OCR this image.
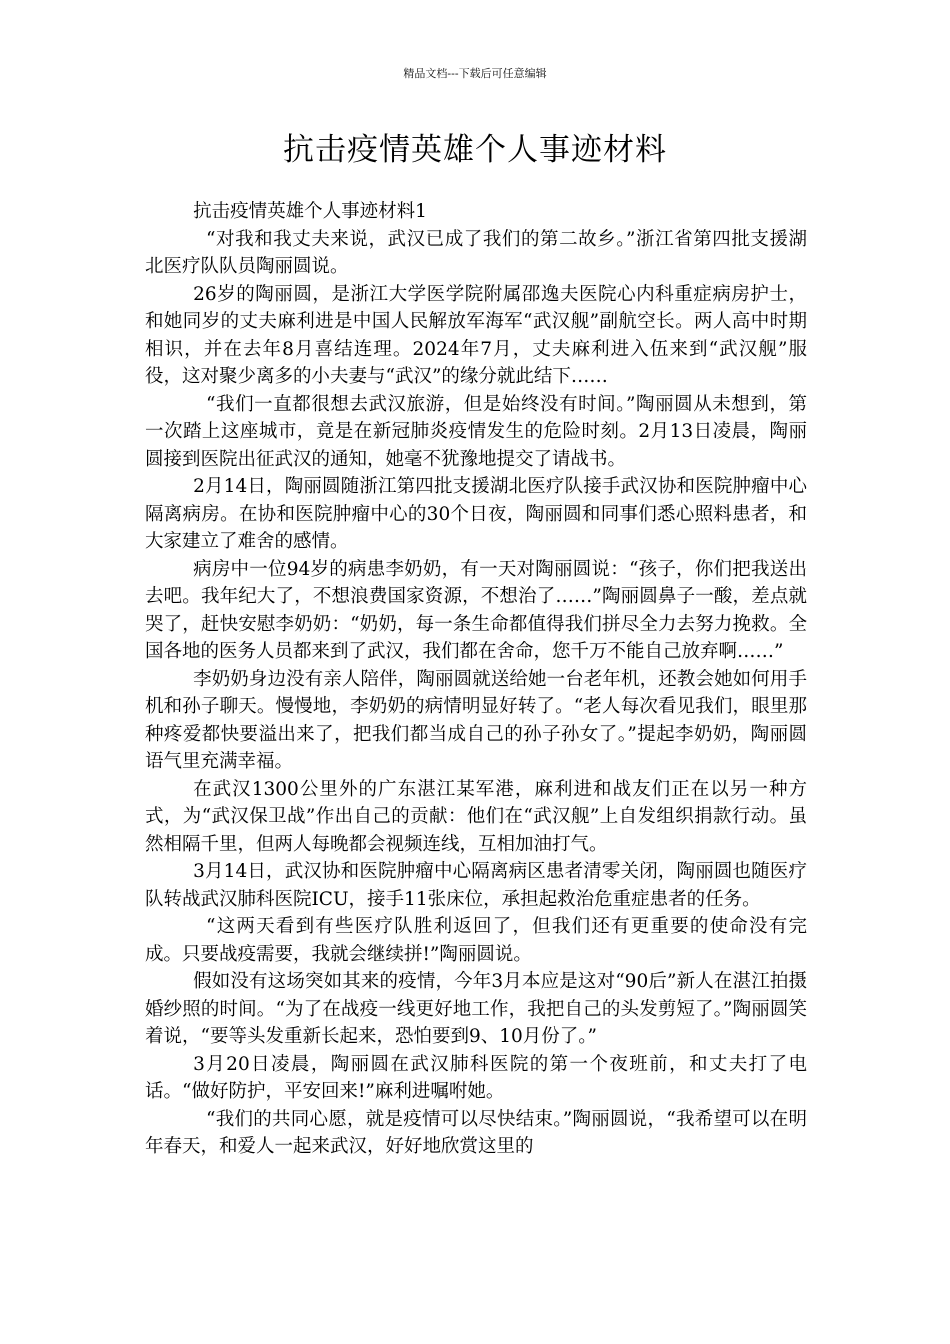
精品文档---下载后可任意编辑
抗击疫情英雄个人事迹材料

抗击疫情英雄个人事迹材料1

“对我和我丈夫来说，武汉已成了我们的第二故乡。”浙江省第四批支援湖北医疗队队员陶丽圆说。

26岁的陶丽圆，是浙江大学医学院附属邵逸夫医院心内科重症病房护士，和她同岁的丈夫麻利进是中国人民解放军海军“武汉舰”副航空长。两人高中时期相识，并在去年8月喜结连理。2024年7月，丈夫麻利进入伍来到“武汉舰”服役，这对聚少离多的小夫妻与“武汉”的缘分就此结下……

“我们一直都很想去武汉旅游，但是始终没有时间。”陶丽圆从未想到，第一次踏上这座城市，竟是在新冠肺炎疫情发生的危险时刻。2月13日凌晨，陶丽圆接到医院出征武汉的通知，她毫不犹豫地提交了请战书。

2月14日，陶丽圆随浙江第四批支援湖北医疗队接手武汉协和医院肿瘤中心隔离病房。在协和医院肿瘤中心的30个日夜，陶丽圆和同事们悉心照料患者，和大家建立了难舍的感情。

病房中一位94岁的病患李奶奶，有一天对陶丽圆说：“孩子，你们把我送出去吧。我年纪大了，不想浪费国家资源，不想治了……”陶丽圆鼻子一酸，差点就哭了，赶快安慰李奶奶：“奶奶，每一条生命都值得我们拼尽全力去努力挽救。全国各地的医务人员都来到了武汉，我们都在舍命，您千万不能自己放弃啊……”

李奶奶身边没有亲人陪伴，陶丽圆就送给她一台老年机，还教会她如何用手机和孙子聊天。慢慢地，李奶奶的病情明显好转了。“老人每次看见我们，眼里那种疼爱都快要溢出来了，把我们都当成自己的孙子孙女了。”提起李奶奶，陶丽圆语气里充满幸福。

在武汉1300公里外的广东湛江某军港，麻利进和战友们正在以另一种方式，为“武汉保卫战”作出自己的贡献：他们在“武汉舰”上自发组织捐款行动。虽然相隔千里，但两人每晚都会视频连线，互相加油打气。

3月14日，武汉协和医院肿瘤中心隔离病区患者清零关闭，陶丽圆也随医疗队转战武汉肺科医院ICU，接手11张床位，承担起救治危重症患者的任务。

“这两天看到有些医疗队胜利返回了，但我们还有更重要的使命没有完成。只要战疫需要，我就会继续拼!”陶丽圆说。

假如没有这场突如其来的疫情，今年3月本应是这对“90后”新人在湛江拍摄婚纱照的时间。“为了在战疫一线更好地工作，我把自己的头发剪短了。”陶丽圆笑着说，“要等头发重新长起来，恐怕要到9、10月份了。”

3月20日凌晨，陶丽圆在武汉肺科医院的第一个夜班前，和丈夫打了电话。“做好防护，平安回来!”麻利进嘱咐她。

“我们的共同心愿，就是疫情可以尽快结束。”陶丽圆说，“我希望可以在明年春天，和爱人一起来武汉，好好地欣赏这里的
